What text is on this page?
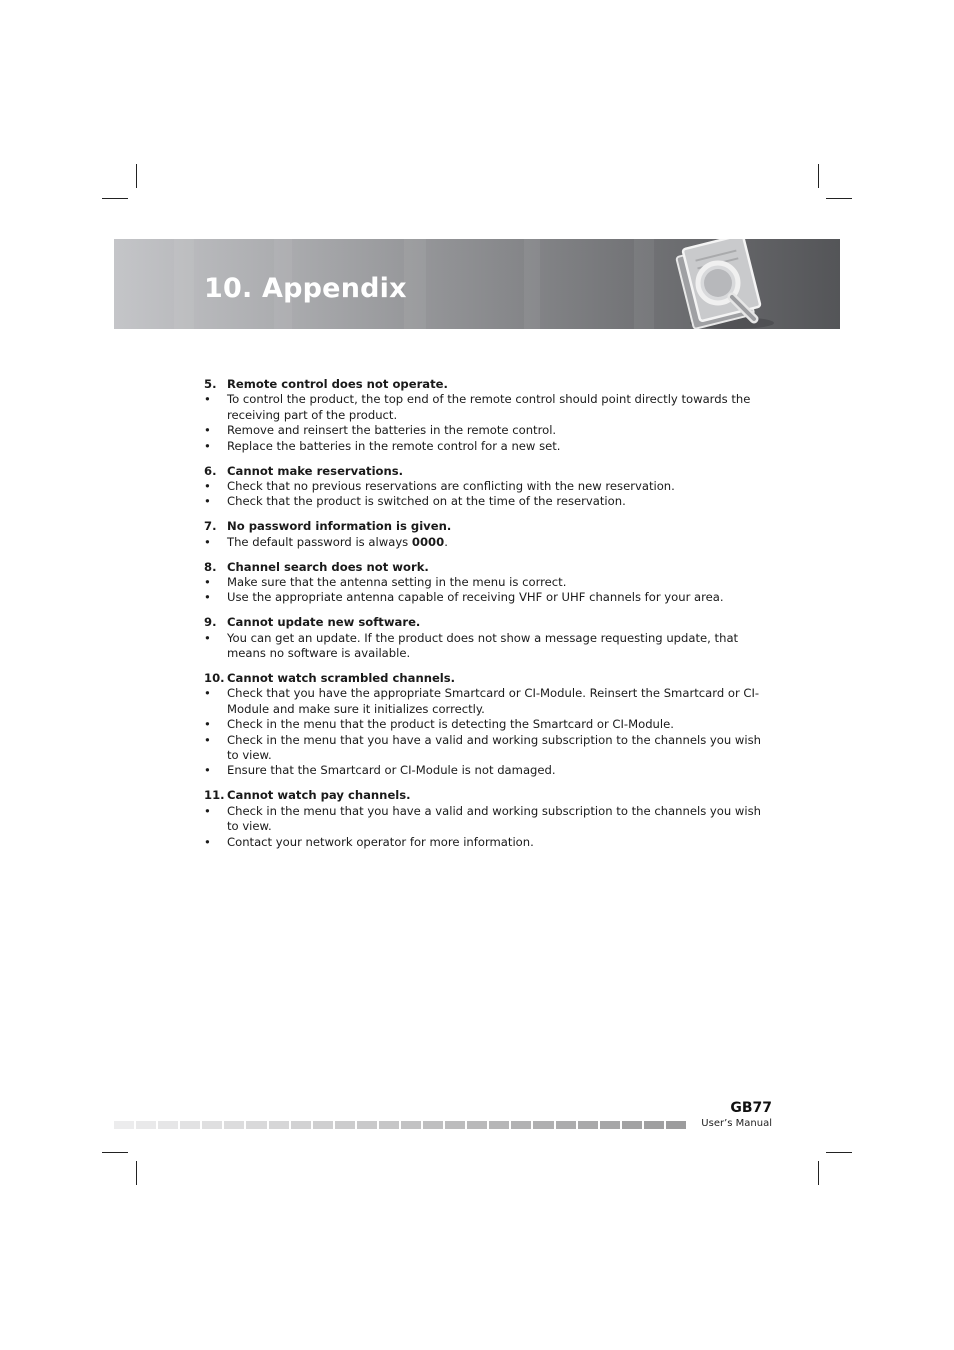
10. Appendix
5. Remote control does not operate.
•	To control the product, the top end of the remote control should point directly towards the receiving part of the product.
•	Remove and reinsert the batteries in the remote control.
•	Replace the batteries in the remote control for a new set.
6. Cannot make reservations.
•	Check that no previous reservations are conflicting with the new reservation.
•	Check that the product is switched on at the time of the reservation.
7. No password information is given.
•	The default password is always 0000.
8. Channel search does not work.
•	Make sure that the antenna setting in the menu is correct.
•	Use the appropriate antenna capable of receiving VHF or UHF channels for your area.
9. Cannot update new software.
•	You can get an update. If the product does not show a message requesting update, that means no software is available.
10. Cannot watch scrambled channels.
•	Check that you have the appropriate Smartcard or CI-Module. Reinsert the Smartcard or CI-Module and make sure it initializes correctly.
•	Check in the menu that the product is detecting the Smartcard or CI-Module.
•	Check in the menu that you have a valid and working subscription to the channels you wish to view.
•	Ensure that the Smartcard or CI-Module is not damaged.
11. Cannot watch pay channels.
•	Check in the menu that you have a valid and working subscription to the channels you wish to view.
•	Contact your network operator for more information.
GB77
User’s Manual
